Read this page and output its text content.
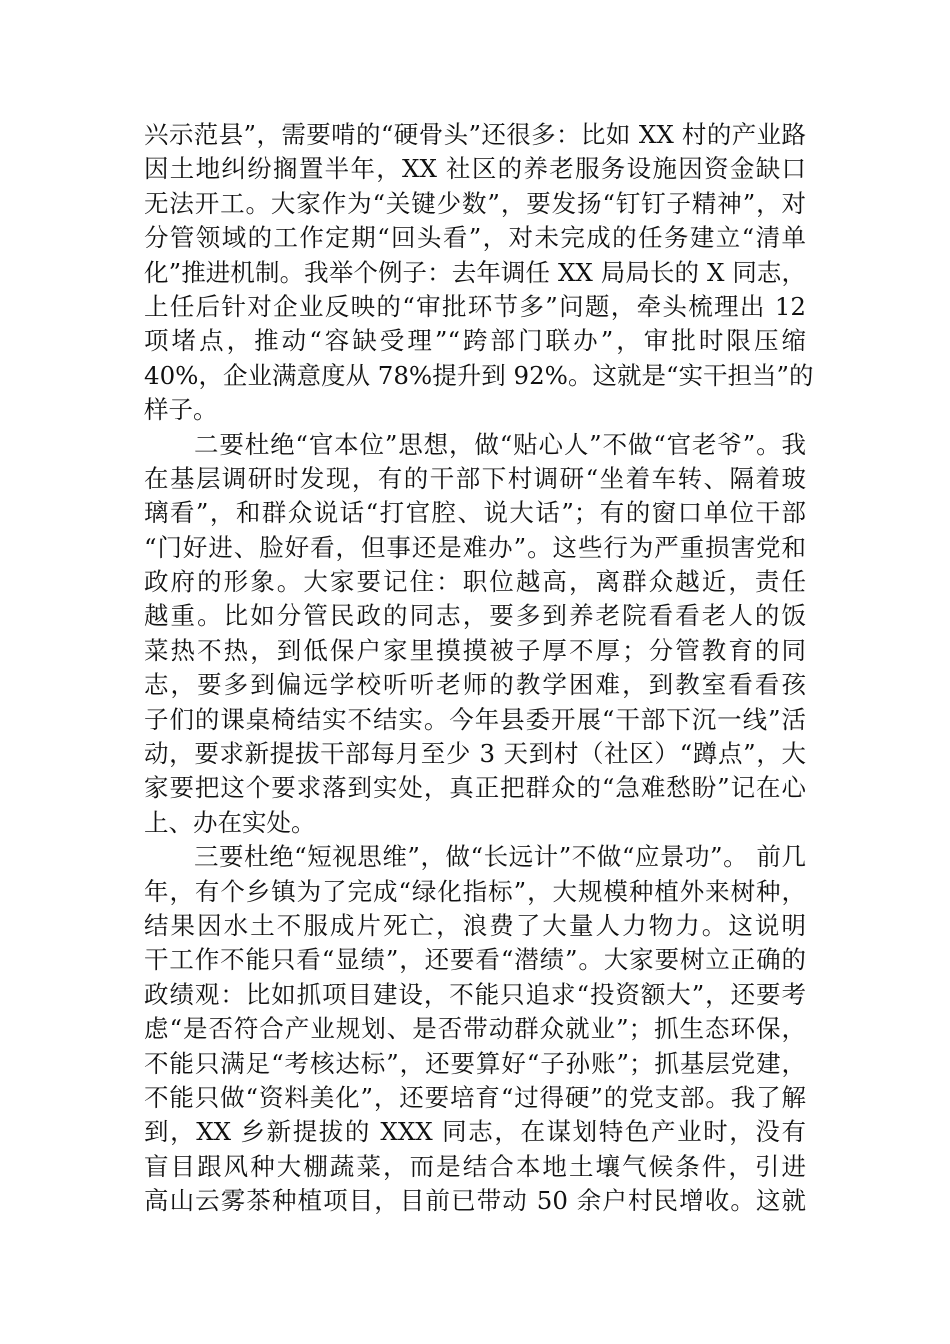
兴示范县”，需要啃的“硬骨头”还很多：比如 XX 村的产业路
因土地纠纷搁置半年，XX 社区的养老服务设施因资金缺口
无法开工。大家作为“关键少数”，要发扬“钉钉子精神”，对
分管领域的工作定期“回头看”，对未完成的任务建立“清单
化”推进机制。我举个例子：去年调任 XX 局局长的 X 同志，
上任后针对企业反映的“审批环节多”问题，牵头梳理出 12
项堵点，推动“容缺受理”“跨部门联办”，审批时限压缩
40%，企业满意度从 78%提升到 92%。这就是“实干担当”的
样子。
二要杜绝“官本位”思想，做“贴心人”不做“官老爷”。我
在基层调研时发现，有的干部下村调研“坐着车转、隔着玻
璃看”，和群众说话“打官腔、说大话”；有的窗口单位干部
“门好进、脸好看，但事还是难办”。这些行为严重损害党和
政府的形象。大家要记住：职位越高，离群众越近，责任
越重。比如分管民政的同志，要多到养老院看看老人的饭
菜热不热，到低保户家里摸摸被子厚不厚；分管教育的同
志，要多到偏远学校听听老师的教学困难，到教室看看孩
子们的课桌椅结实不结实。今年县委开展“干部下沉一线”活
动，要求新提拔干部每月至少 3 天到村（社区）“蹲点”，大
家要把这个要求落到实处，真正把群众的“急难愁盼”记在心
上、办在实处。
三要杜绝“短视思维”，做“长远计”不做“应景功”。 前几
年，有个乡镇为了完成“绿化指标”，大规模种植外来树种，
结果因水土不服成片死亡，浪费了大量人力物力。这说明
干工作不能只看“显绩”，还要看“潜绩”。大家要树立正确的
政绩观：比如抓项目建设，不能只追求“投资额大”，还要考
虑“是否符合产业规划、是否带动群众就业”；抓生态环保，
不能只满足“考核达标”，还要算好“子孙账”；抓基层党建，
不能只做“资料美化”，还要培育“过得硬”的党支部。我了解
到，XX 乡新提拔的 XXX 同志，在谋划特色产业时，没有
盲目跟风种大棚蔬菜，而是结合本地土壤气候条件，引进
高山云雾茶种植项目，目前已带动 50 余户村民增收。这就
